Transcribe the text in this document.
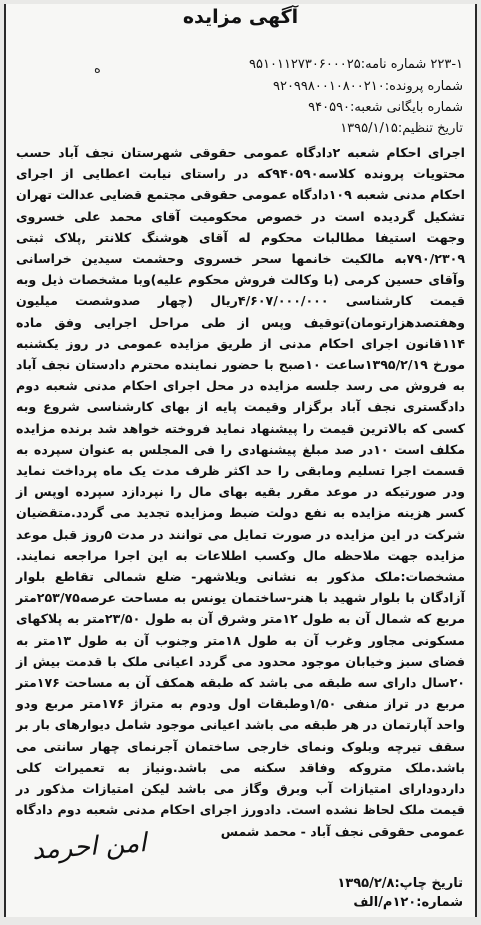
آگهی مزایده
ه	۲۲۳-۱ شماره نامه:۹۵۱۰۱۱۲۷۳۰۶۰۰۰۲۵
شماره پرونده:۹۲۰۹۹۸۰۰۱۰۸۰۰۲۱۰
شماره بایگانی شعبه:۹۴۰۵۹۰
تاریخ تنظیم:۱۳۹۵/۱/۱۵

اجرای احکام شعبه ۲دادگاه عمومی حقوقی شهرستان نجف آباد حسب محتویات پرونده کلاسه۹۴۰۵۹۰که در راستای نیابت اعطایی از اجرای احکام مدنی شعبه ۱۰۹دادگاه عمومی حقوقی مجتمع قضایی عدالت تهران تشکیل گردیده است در خصوص محکومیت آقای محمد علی خسروی وجهت استیفا مطالبات محکوم له آقای هوشنگ کلانتر ,پلاک ثبتی ۷۹۰/۲۳۰۹به مالکیت خانمها سحر خسروی وحشمت سیدین خراسانی وآقای حسین کرمی (با وکالت فروش محکوم علیه)وبا مشخصات ذیل وبه قیمت کارشناسی ۴/۶۰۷/۰۰۰/۰۰۰ریال (چهار صدوشصت میلیون وهفتصدهزارتومان)توقیف وپس از طی مراحل اجرایی وفق ماده ۱۱۴قانون اجرای احکام مدنی از طریق مزایده عمومی در روز یکشنبه مورخ ۱۳۹۵/۲/۱۹ساعت ۱۰صبح با حضور نماینده محترم دادستان نجف آباد به فروش می رسد جلسه مزایده در محل اجرای احکام مدنی شعبه دوم دادگستری نجف آباد برگزار وقیمت پایه از بهای کارشناسی شروع وبه کسی که بالاترین قیمت را پیشنهاد نماید فروخته خواهد شد برنده مزایده مکلف است ۱۰در صد مبلغ پیشنهادی را فی المجلس به عنوان سپرده به قسمت اجرا تسلیم ومابقی را حد اکثر ظرف مدت یک ماه پرداخت نماید ودر صورتیکه در موعد مقرر بقیه بهای مال را نپردازد سپرده اوپس از کسر هزینه مزایده به نفع دولت ضبط ومزایده تجدید می گردد.متقضیان شرکت در این مزایده در صورت تمایل می توانند در مدت ۵روز قبل موعد مزایده جهت ملاحظه مال وکسب اطلاعات به این اجرا مراجعه نمایند. مشخصات:ملک مذکور به نشانی ویلاشهر- ضلع شمالی تقاطع بلوار آزادگان با بلوار شهید با هنر-ساختمان یونس به مساحت عرصه۲۵۳/۷۵متر مربع که شمال آن به طول ۱۲متر وشرق آن به طول ۲۳/۵۰متر به پلاکهای مسکونی مجاور وغرب آن به طول ۱۸متر وجنوب آن به طول ۱۳متر به فضای سبز وخیابان موجود محدود می گردد اعیانی ملک با قدمت بیش از ۲۰سال دارای سه طبقه می باشد که طبقه همکف آن به مساحت ۱۷۶متر مربع در تراز منفی ۱/۵۰وطبقات اول ودوم به متراژ ۱۷۶متر مربع ودو واحد آپارتمان در هر طبقه می باشد اعیانی موجود شامل دیوارهای بار بر سقف تیرچه وبلوک ونمای خارجی ساختمان آجرنمای چهار سانتی می باشد.ملک متروکه وفاقد سکنه می باشد.ونیاز به تعمیرات کلی داردودارای امتیازات آب وبرق وگاز می باشد لیکن امتیازات مذکور در قیمت ملک لحاظ نشده است. دادورز اجرای احکام مدنی شعبه دوم دادگاه عمومی حقوقی نجف آباد - محمد شمس

امن احرمد
تاریخ چاپ:۱۳۹۵/۲/۸
شماره:۱۲۰م/الف
